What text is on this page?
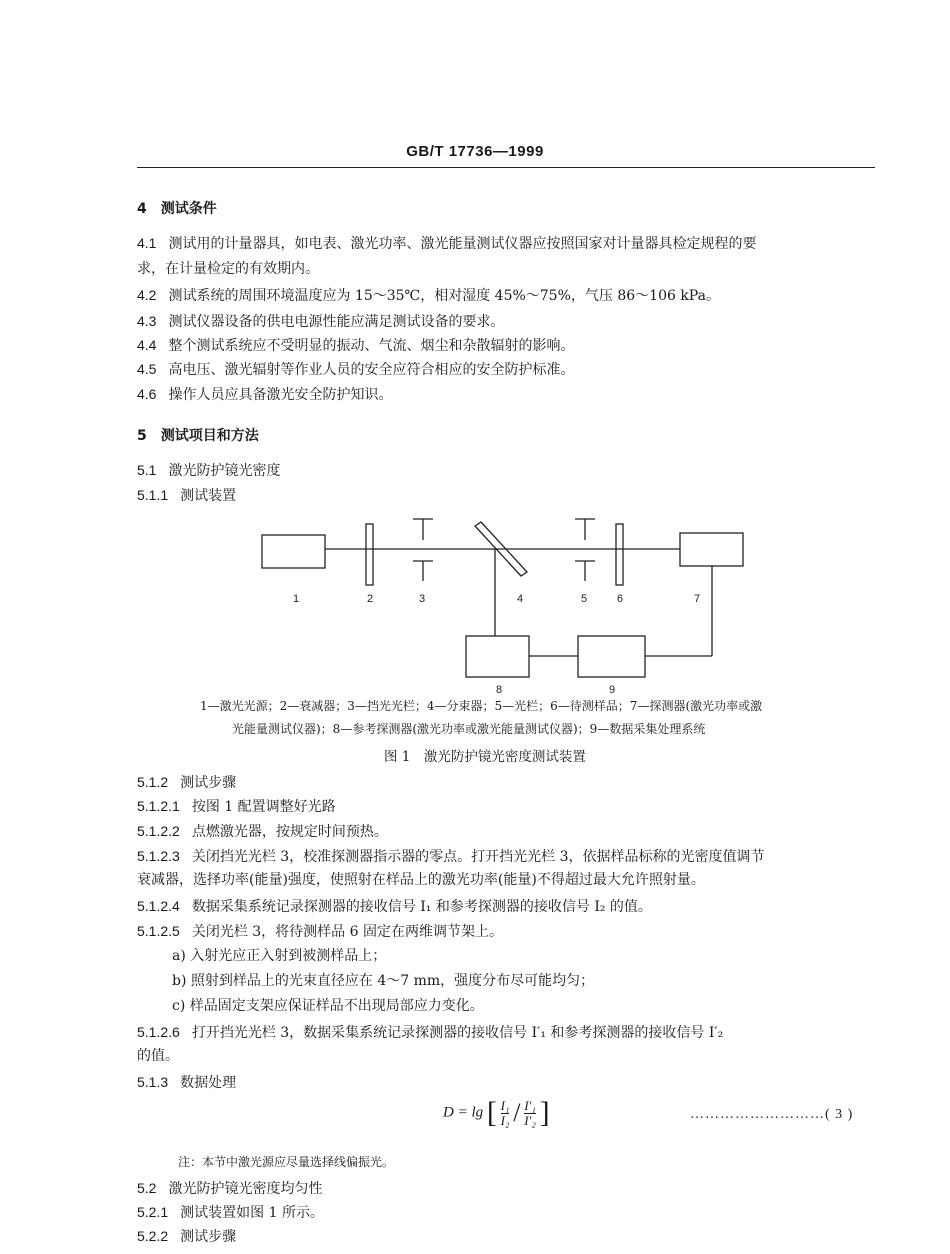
GB/T 17736—1999
4 测试条件
4.1 测试用的计量器具，如电表、激光功率、激光能量测试仪器应按照国家对计量器具检定规程的要
求，在计量检定的有效期内。
4.2 测试系统的周围环境温度应为 15～35℃，相对湿度 45%～75%，气压 86～106 kPa。
4.3 测试仪器设备的供电电源性能应满足测试设备的要求。
4.4 整个测试系统应不受明显的振动、气流、烟尘和杂散辐射的影响。
4.5 高电压、激光辐射等作业人员的安全应符合相应的安全防护标准。
4.6 操作人员应具备激光安全防护知识。
5 测试项目和方法
5.1 激光防护镜光密度
5.1.1 测试装置
1	2	3	4	5	6	7
8	9
1—激光光源；2—衰减器；3—挡光光栏；4—分束器；5—光栏；6—待测样品；7—探测器(激光功率或激
光能量测试仪器)；8—参考探测器(激光功率或激光能量测试仪器)；9—数据采集处理系统
图 1　激光防护镜光密度测试装置
5.1.2 测试步骤
5.1.2.1 按图 1 配置调整好光路
5.1.2.2 点燃激光器，按规定时间预热。
5.1.2.3 关闭挡光光栏 3，校准探测器指示器的零点。打开挡光光栏 3，依据样品标称的光密度值调节
衰减器，选择功率(能量)强度，使照射在样品上的激光功率(能量)不得超过最大允许照射量。
5.1.2.4 数据采集系统记录探测器的接收信号 I₁ 和参考探测器的接收信号 I₂ 的值。
5.1.2.5 关闭光栏 3，将待测样品 6 固定在两维调节架上。
a) 入射光应正入射到被测样品上；
b) 照射到样品上的光束直径应在 4～7 mm，强度分布尽可能均匀；
c) 样品固定支架应保证样品不出现局部应力变化。
5.1.2.6 打开挡光光栏 3，数据采集系统记录探测器的接收信号 I′₁ 和参考探测器的接收信号 I′₂
的值。
5.1.3 数据处理
D = lg [ $\frac{\text{I₁}}{\text{I₂}} / \frac{\text{I′₁}}{\text{I′₂}}$ ]	………………………( 3 )
注：本节中激光源应尽量选择线偏振光。
5.2 激光防护镜光密度均匀性
5.2.1 测试装置如图 1 所示。
5.2.2 测试步骤
